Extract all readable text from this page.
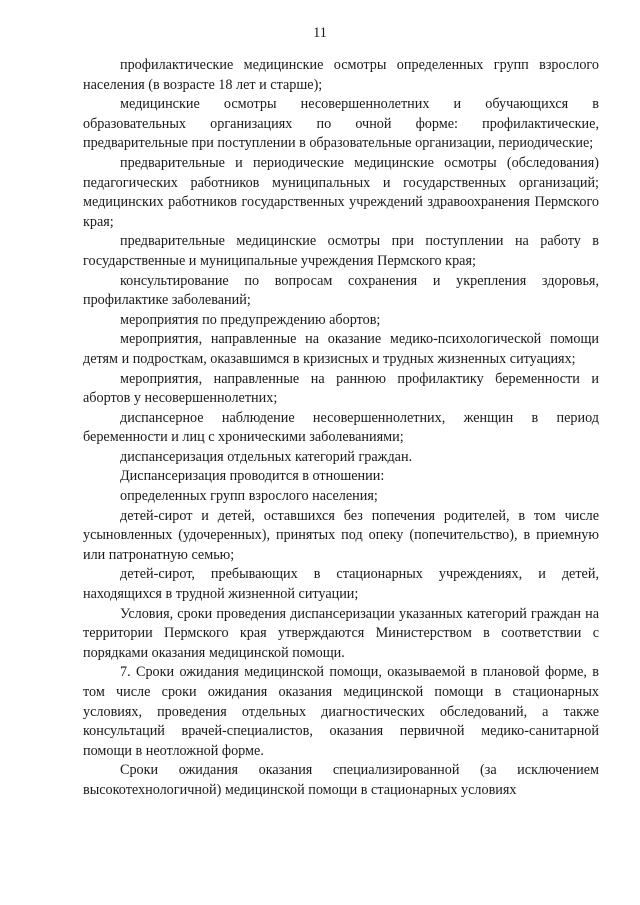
11

профилактические медицинские осмотры определенных групп взрослого населения (в возрасте 18 лет и старше);

медицинские осмотры несовершеннолетних и обучающихся в образовательных организациях по очной форме: профилактические, предварительные при поступлении в образовательные организации, периодические;

предварительные и периодические медицинские осмотры (обследования) педагогических работников муниципальных и государственных организаций; медицинских работников государственных учреждений здравоохранения Пермского края;

предварительные медицинские осмотры при поступлении на работу в государственные и муниципальные учреждения Пермского края;

консультирование по вопросам сохранения и укрепления здоровья, профилактике заболеваний;

мероприятия по предупреждению абортов;

мероприятия, направленные на оказание медико-психологической помощи детям и подросткам, оказавшимся в кризисных и трудных жизненных ситуациях;

мероприятия, направленные на раннюю профилактику беременности и абортов у несовершеннолетних;

диспансерное наблюдение несовершеннолетних, женщин в период беременности и лиц с хроническими заболеваниями;

диспансеризация отдельных категорий граждан.

Диспансеризация проводится в отношении:

определенных групп взрослого населения;

детей-сирот и детей, оставшихся без попечения родителей, в том числе усыновленных (удочеренных), принятых под опеку (попечительство), в приемную или патронатную семью;

детей-сирот, пребывающих в стационарных учреждениях, и детей, находящихся в трудной жизненной ситуации;

Условия, сроки проведения диспансеризации указанных категорий граждан на территории Пермского края утверждаются Министерством в соответствии с порядками оказания медицинской помощи.

7. Сроки ожидания медицинской помощи, оказываемой в плановой форме, в том числе сроки ожидания оказания медицинской помощи в стационарных условиях, проведения отдельных диагностических обследований, а также консультаций врачей-специалистов, оказания первичной медико-санитарной помощи в неотложной форме.

Сроки ожидания оказания специализированной (за исключением высокотехнологичной) медицинской помощи в стационарных условиях
